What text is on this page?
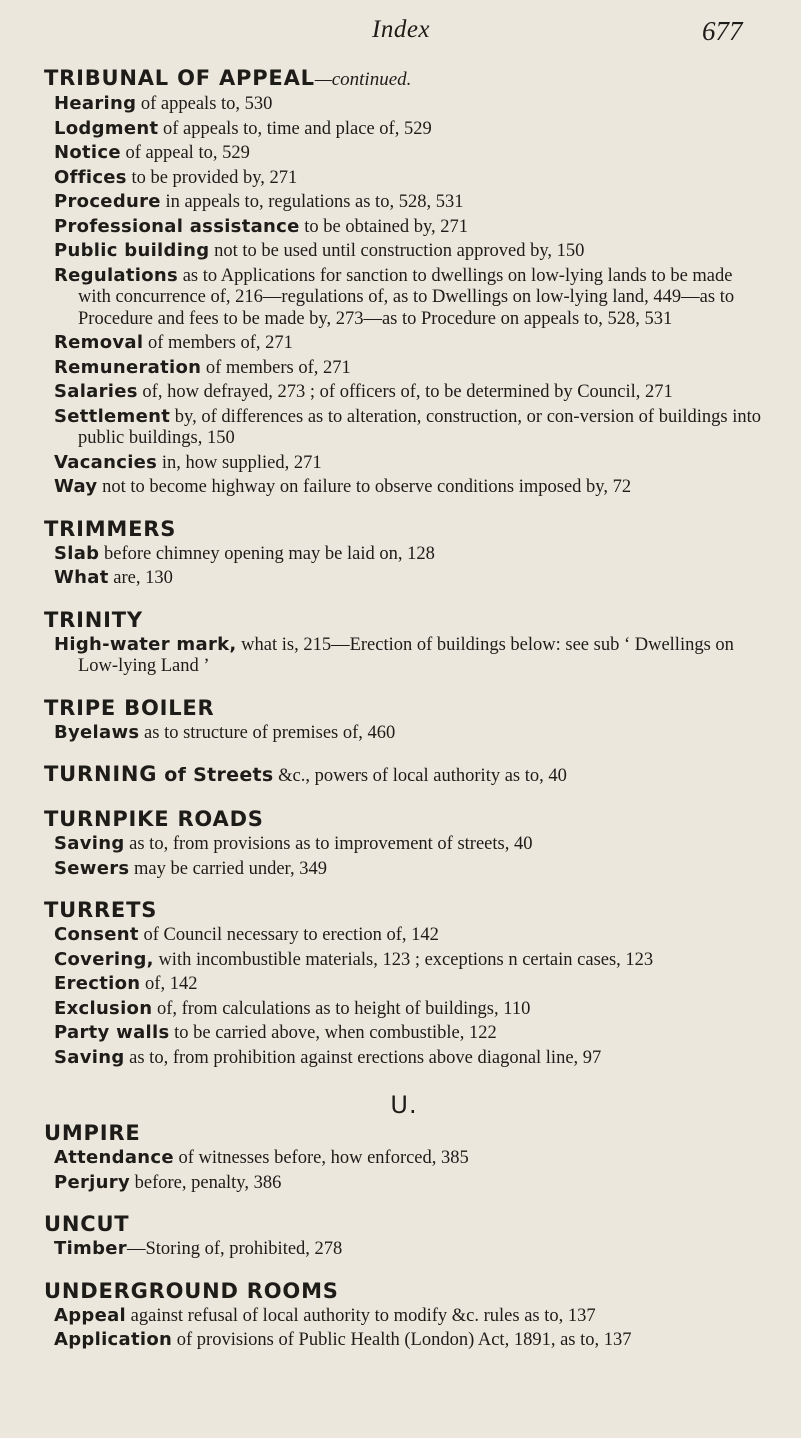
Index	677
TRIBUNAL OF APPEAL—continued.
Hearing of appeals to, 530
Lodgment of appeals to, time and place of, 529
Notice of appeal to, 529
Offices to be provided by, 271
Procedure in appeals to, regulations as to, 528, 531
Professional assistance to be obtained by, 271
Public building not to be used until construction approved by, 150
Regulations as to Applications for sanction to dwellings on low-lying lands to be made with concurrence of, 216—regulations of, as to Dwellings on low-lying land, 449—as to Procedure and fees to be made by, 273—as to Procedure on appeals to, 528, 531
Removal of members of, 271
Remuneration of members of, 271
Salaries of, how defrayed, 273 ; of officers of, to be determined by Council, 271
Settlement by, of differences as to alteration, construction, or con-version of buildings into public buildings, 150
Vacancies in, how supplied, 271
Way not to become highway on failure to observe conditions imposed by, 72
TRIMMERS
Slab before chimney opening may be laid on, 128
What are, 130
TRINITY
High-water mark, what is, 215—Erection of buildings below: see sub ‘ Dwellings on Low-lying Land ’
TRIPE BOILER
Byelaws as to structure of premises of, 460
TURNING of Streets &c., powers of local authority as to, 40
TURNPIKE ROADS
Saving as to, from provisions as to improvement of streets, 40
Sewers may be carried under, 349
TURRETS
Consent of Council necessary to erection of, 142
Covering, with incombustible materials, 123 ; exceptions n certain cases, 123
Erection of, 142
Exclusion of, from calculations as to height of buildings, 110
Party walls to be carried above, when combustible, 122
Saving as to, from prohibition against erections above diagonal line, 97
U.
UMPIRE
Attendance of witnesses before, how enforced, 385
Perjury before, penalty, 386
UNCUT
Timber—Storing of, prohibited, 278
UNDERGROUND ROOMS
Appeal against refusal of local authority to modify &c. rules as to, 137
Application of provisions of Public Health (London) Act, 1891, as to, 137
